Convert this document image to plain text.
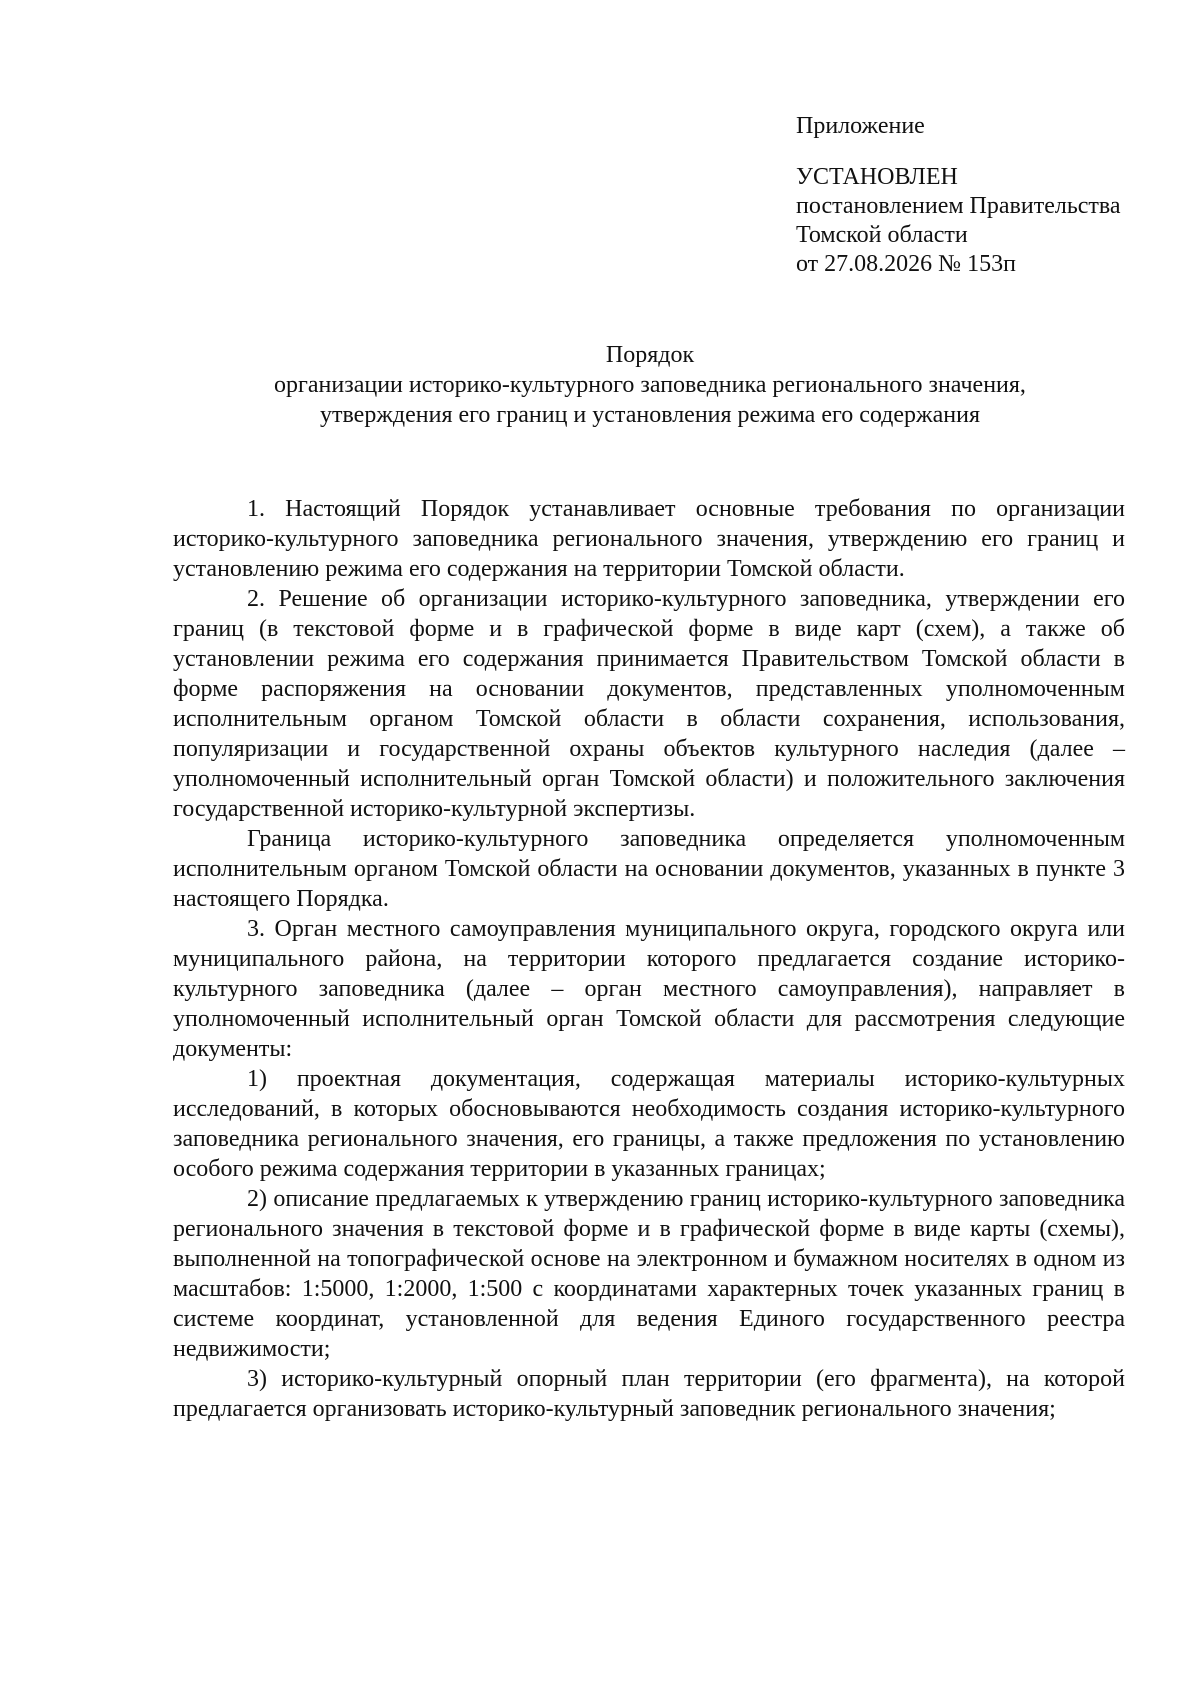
Приложение
УСТАНОВЛЕН
постановлением Правительства
Томской области
от 27.08.2026 № 153п
Порядок
организации историко-культурного заповедника регионального значения,
утверждения его границ и установления режима его содержания

1. Настоящий Порядок устанавливает основные требования по организации историко-культурного заповедника регионального значения, утверждению его границ и установлению режима его содержания на территории Томской области.

2. Решение об организации историко-культурного заповедника, утверждении его границ (в текстовой форме и в графической форме в виде карт (схем), а также об установлении режима его содержания принимается Правительством Томской области в форме распоряжения на основании документов, представленных уполномоченным исполнительным органом Томской области в области сохранения, использования, популяризации и государственной охраны объектов культурного наследия (далее – уполномоченный исполнительный орган Томской области) и положительного заключения государственной историко-культурной экспертизы.

Граница историко-культурного заповедника определяется уполномоченным исполнительным органом Томской области на основании документов, указанных в пункте 3 настоящего Порядка.

3. Орган местного самоуправления муниципального округа, городского округа или муниципального района, на территории которого предлагается создание историко-культурного заповедника (далее – орган местного самоуправления), направляет в уполномоченный исполнительный орган Томской области для рассмотрения следующие документы:

1) проектная документация, содержащая материалы историко-культурных исследований, в которых обосновываются необходимость создания историко-культурного заповедника регионального значения, его границы, а также предложения по установлению особого режима содержания территории в указанных границах;

2) описание предлагаемых к утверждению границ историко-культурного заповедника регионального значения в текстовой форме и в графической форме в виде карты (схемы), выполненной на топографической основе на электронном и бумажном носителях в одном из масштабов: 1:5000, 1:2000, 1:500 с координатами характерных точек указанных границ в системе координат, установленной для ведения Единого государственного реестра недвижимости;

3) историко-культурный опорный план территории (его фрагмента), на которой предлагается организовать историко-культурный заповедник регионального значения;
